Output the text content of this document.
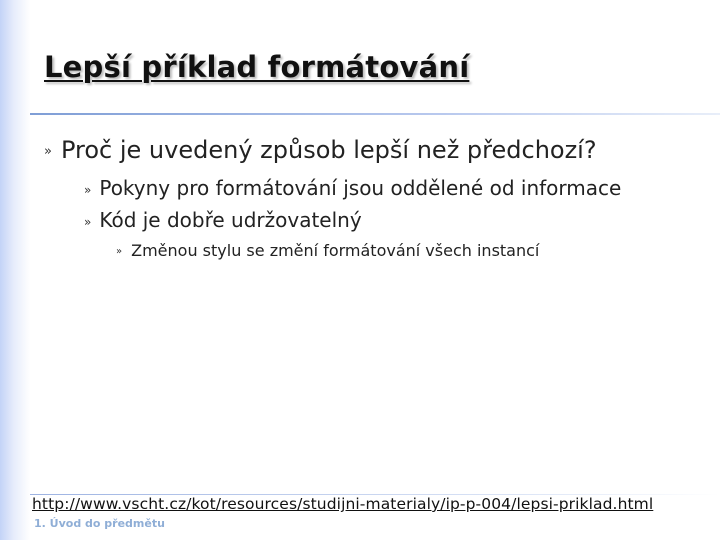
Lepší příklad formátování
» Proč je uvedený způsob lepší než předchozí?
» Pokyny pro formátování jsou oddělené od informace
» Kód je dobře udržovatelný
» Změnou stylu se změní formátování všech instancí
http://www.vscht.cz/kot/resources/studijni-materialy/ip-p-004/lepsi-priklad.html
1. Úvod do předmětu
